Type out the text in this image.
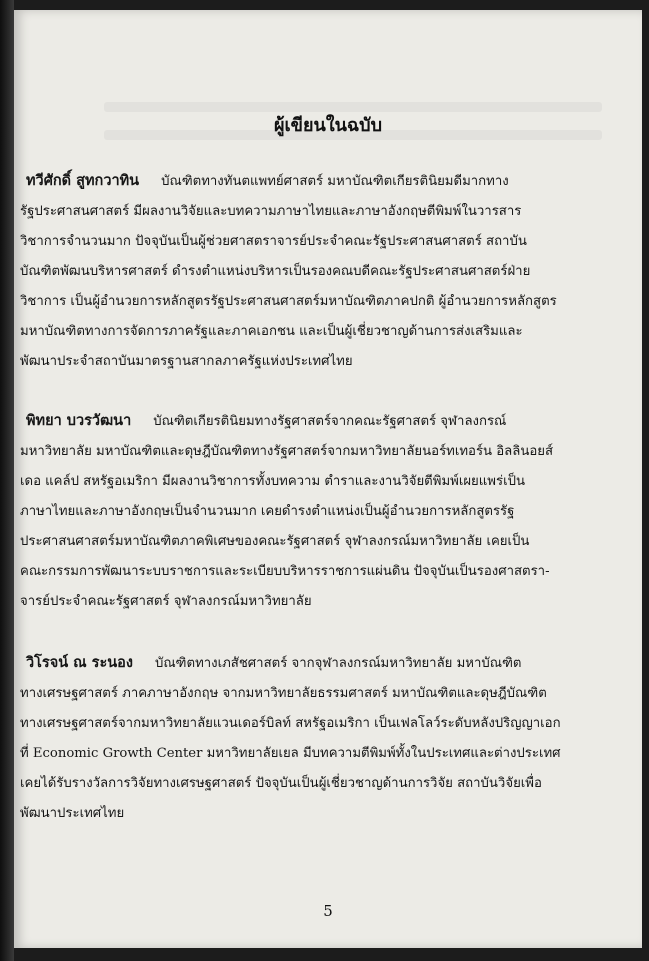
ผู้เขียนในฉบับ
ทวีศักดิ์ สูทกวาทิน บัณฑิตทางทันตแพทย์ศาสตร์ มหาบัณฑิตเกียรตินิยมดีมากทาง
รัฐประศาสนศาสตร์ มีผลงานวิจัยและบทความภาษาไทยและภาษาอังกฤษตีพิมพ์ในวารสาร
วิชาการจำนวนมาก ปัจจุบันเป็นผู้ช่วยศาสตราจารย์ประจำคณะรัฐประศาสนศาสตร์ สถาบัน
บัณฑิตพัฒนบริหารศาสตร์ ดำรงตำแหน่งบริหารเป็นรองคณบดีคณะรัฐประศาสนศาสตร์ฝ่าย
วิชาการ เป็นผู้อำนวยการหลักสูตรรัฐประศาสนศาสตร์มหาบัณฑิตภาคปกติ ผู้อำนวยการหลักสูตร
มหาบัณฑิตทางการจัดการภาครัฐและภาคเอกชน และเป็นผู้เชี่ยวชาญด้านการส่งเสริมและ
พัฒนาประจำสถาบันมาตรฐานสากลภาครัฐแห่งประเทศไทย
พิทยา บวรวัฒนา บัณฑิตเกียรตินิยมทางรัฐศาสตร์จากคณะรัฐศาสตร์ จุฬาลงกรณ์
มหาวิทยาลัย มหาบัณฑิตและดุษฎีบัณฑิตทางรัฐศาสตร์จากมหาวิทยาลัยนอร์ทเทอร์น อิลลินอยส์
เดอ แคล์ป สหรัฐอเมริกา มีผลงานวิชาการทั้งบทความ ตำราและงานวิจัยตีพิมพ์เผยแพร่เป็น
ภาษาไทยและภาษาอังกฤษเป็นจำนวนมาก เคยดำรงตำแหน่งเป็นผู้อำนวยการหลักสูตรรัฐ
ประศาสนศาสตร์มหาบัณฑิตภาคพิเศษของคณะรัฐศาสตร์ จุฬาลงกรณ์มหาวิทยาลัย เคยเป็น
คณะกรรมการพัฒนาระบบราชการและระเบียบบริหารราชการแผ่นดิน ปัจจุบันเป็นรองศาสตรา-
จารย์ประจำคณะรัฐศาสตร์ จุฬาลงกรณ์มหาวิทยาลัย
วิโรจน์ ณ ระนอง บัณฑิตทางเภสัชศาสตร์ จากจุฬาลงกรณ์มหาวิทยาลัย มหาบัณฑิต
ทางเศรษฐศาสตร์ ภาคภาษาอังกฤษ จากมหาวิทยาลัยธรรมศาสตร์ มหาบัณฑิตและดุษฎีบัณฑิต
ทางเศรษฐศาสตร์จากมหาวิทยาลัยแวนเดอร์บิลท์ สหรัฐอเมริกา เป็นเฟลโลว์ระดับหลังปริญญาเอก
ที่ Economic Growth Center มหาวิทยาลัยเยล มีบทความตีพิมพ์ทั้งในประเทศและต่างประเทศ
เคยได้รับรางวัลการวิจัยทางเศรษฐศาสตร์ ปัจจุบันเป็นผู้เชี่ยวชาญด้านการวิจัย สถาบันวิจัยเพื่อ
พัฒนาประเทศไทย
5
